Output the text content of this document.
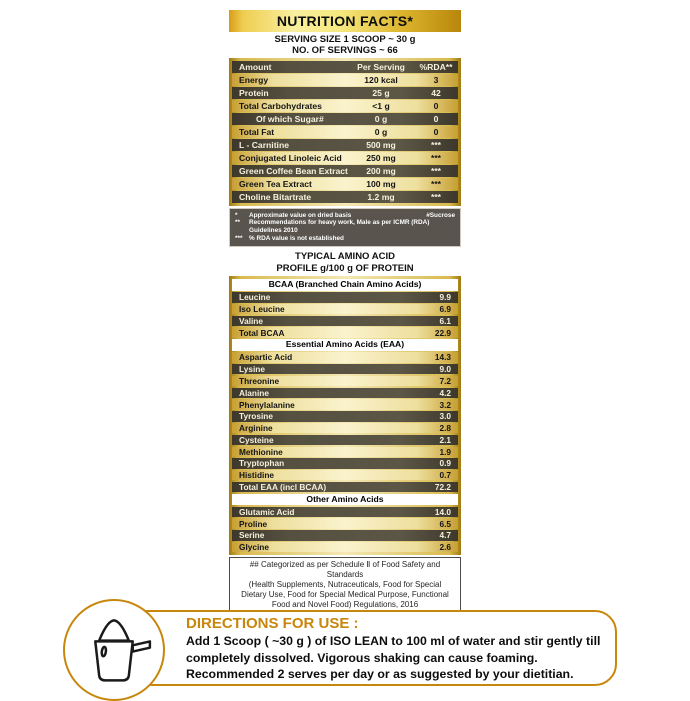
NUTRITION FACTS*
SERVING SIZE 1 SCOOP ~ 30 g
NO. OF SERVINGS ~ 66
Amount	Per Serving	%RDA**
Energy	120 kcal	3
Protein	25 g	42
Total Carbohydrates	<1 g	0
Of which Sugar#	0 g	0
Total Fat	0 g	0
L - Carnitine	500 mg	***
Conjugated Linoleic Acid	250 mg	***
Green Coffee Bean Extract	200 mg	***
Green Tea Extract	100 mg	***
Choline Bitartrate	1.2 mg	***
*	Approximate value on dried basis	#Sucrose
**	Recommendations for heavy work, Male as per ICMR (RDA) Guidelines 2010
***	% RDA value is not established
TYPICAL AMINO ACID
PROFILE g/100 g OF PROTEIN
BCAA (Branched Chain Amino Acids)
Leucine	9.9
Iso Leucine	6.9
Valine	6.1
Total BCAA	22.9
Essential Amino Acids (EAA)
Aspartic Acid	14.3
Lysine	9.0
Threonine	7.2
Alanine	4.2
Phenylalanine	3.2
Tyrosine	3.0
Arginine	2.8
Cysteine	2.1
Methionine	1.9
Tryptophan	0.9
Histidine	0.7
Total EAA (incl BCAA)	72.2
Other Amino Acids
Glutamic Acid	14.0
Proline	6.5
Serine	4.7
Glycine	2.6
## Categorized as per Schedule Ⅱ of Food Safety and Standards
(Health Supplements, Nutraceuticals, Food for Special
Dietary Use, Food for Special Medical Purpose, Functional
Food and Novel Food) Regulations, 2016
DIRECTIONS FOR USE :
Add 1 Scoop ( ~30 g ) of ISO LEAN to 100 ml of water and stir gently till
completely dissolved. Vigorous shaking can cause foaming.
Recommended 2 serves per day or as suggested by your dietitian.
